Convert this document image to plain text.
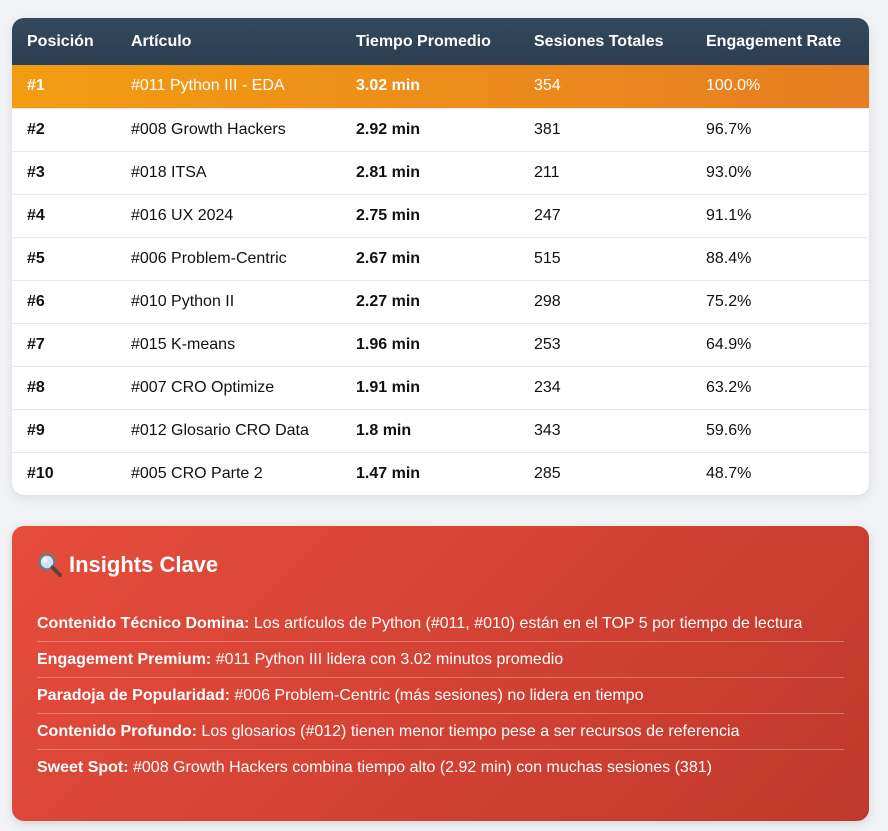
Posición	Artículo	Tiempo Promedio	Sesiones Totales	Engagement Rate
#1	#011 Python III - EDA	3.02 min	354	100.0%
#2	#008 Growth Hackers	2.92 min	381	96.7%
#3	#018 ITSA	2.81 min	211	93.0%
#4	#016 UX 2024	2.75 min	247	91.1%
#5	#006 Problem-Centric	2.67 min	515	88.4%
#6	#010 Python II	2.27 min	298	75.2%
#7	#015 K-means	1.96 min	253	64.9%
#8	#007 CRO Optimize	1.91 min	234	63.2%
#9	#012 Glosario CRO Data	1.8 min	343	59.6%
#10	#005 CRO Parte 2	1.47 min	285	48.7%
Insights Clave
Contenido Técnico Domina: Los artículos de Python (#011, #010) están en el TOP 5 por tiempo de lectura
Engagement Premium: #011 Python III lidera con 3.02 minutos promedio
Paradoja de Popularidad: #006 Problem-Centric (más sesiones) no lidera en tiempo
Contenido Profundo: Los glosarios (#012) tienen menor tiempo pese a ser recursos de referencia
Sweet Spot: #008 Growth Hackers combina tiempo alto (2.92 min) con muchas sesiones (381)
